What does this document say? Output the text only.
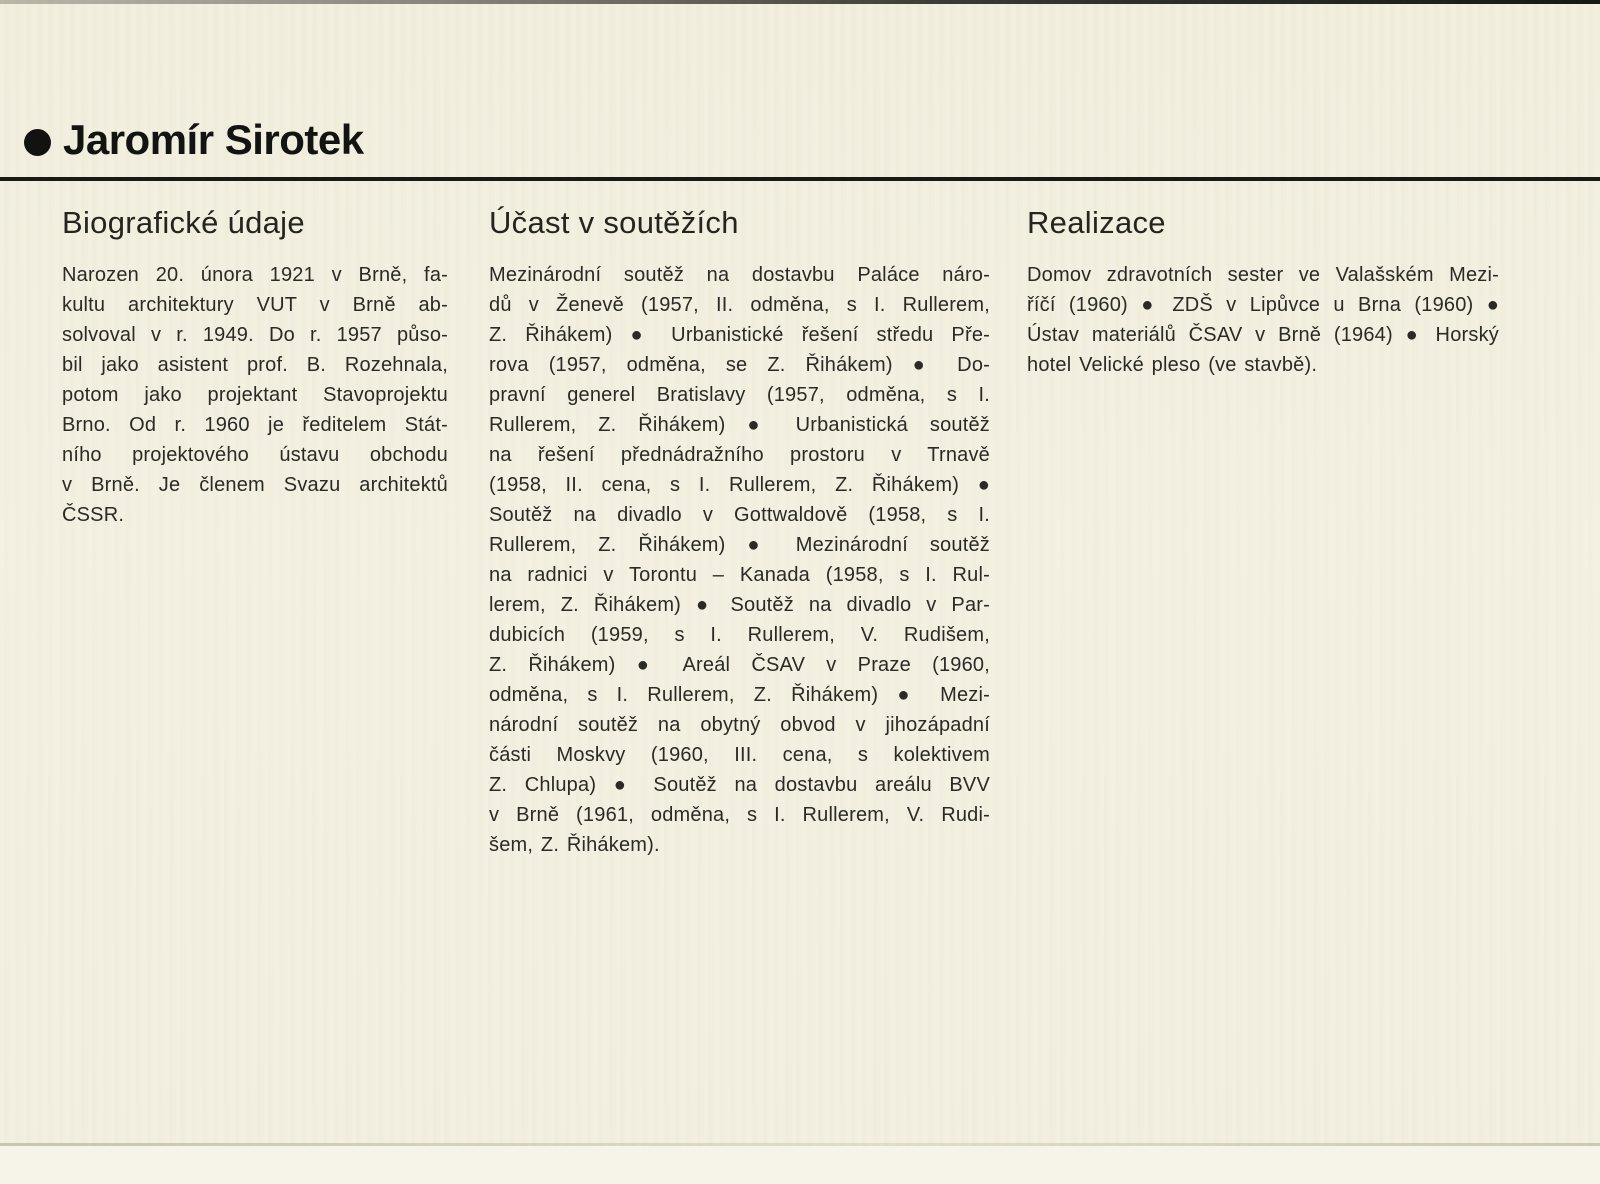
Jaromír Sirotek
Biografické údaje
Narozen 20. února 1921 v Brně, fa-
kultu architektury VUT v Brně ab-
solvoval v r. 1949. Do r. 1957 půso-
bil jako asistent prof. B. Rozehnala,
potom jako projektant Stavoprojektu
Brno. Od r. 1960 je ředitelem Stát-
ního projektového ústavu obchodu
v Brně. Je členem Svazu architektů
ČSSR.
Účast v soutěžích
Mezinárodní soutěž na dostavbu Paláce náro-
dů v Ženevě (1957, II. odměna, s I. Rullerem,
Z. Řihákem) ● Urbanistické řešení středu Pře-
rova (1957, odměna, se Z. Řihákem) ● Do-
pravní generel Bratislavy (1957, odměna, s I.
Rullerem, Z. Řihákem) ● Urbanistická soutěž
na řešení přednádražního prostoru v Trnavě
(1958, II. cena, s I. Rullerem, Z. Řihákem) ●
Soutěž na divadlo v Gottwaldově (1958, s I.
Rullerem, Z. Řihákem) ● Mezinárodní soutěž
na radnici v Torontu – Kanada (1958, s I. Rul-
lerem, Z. Řihákem) ● Soutěž na divadlo v Par-
dubicích (1959, s I. Rullerem, V. Rudišem,
Z. Řihákem) ● Areál ČSAV v Praze (1960,
odměna, s I. Rullerem, Z. Řihákem) ● Mezi-
národní soutěž na obytný obvod v jihozápadní
části Moskvy (1960, III. cena, s kolektivem
Z. Chlupa) ● Soutěž na dostavbu areálu BVV
v Brně (1961, odměna, s I. Rullerem, V. Rudi-
šem, Z. Řihákem).
Realizace
Domov zdravotních sester ve Valašském Mezi-
říčí (1960) ● ZDŠ v Lipůvce u Brna (1960) ●
Ústav materiálů ČSAV v Brně (1964) ● Horský
hotel Velické pleso (ve stavbě).
